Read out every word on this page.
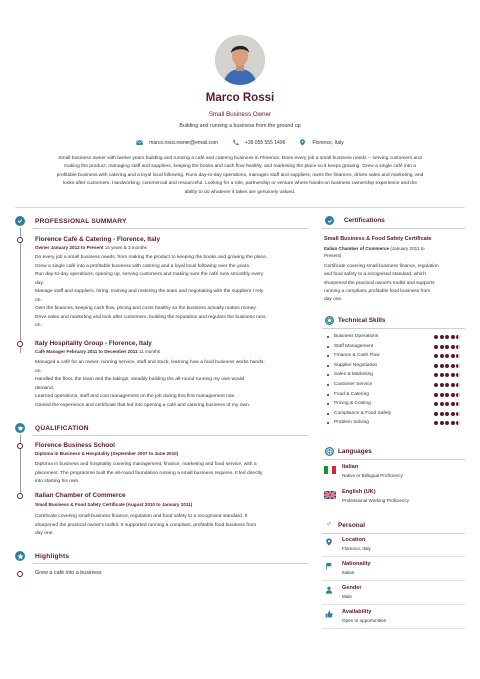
Marco Rossi
Small Business Owner
Building and running a business from the ground up
marco.rossi.owner@email.com	+39 055 555 1496	Florence, Italy
Small business owner with twelve years building and running a café and catering business in Florence. Does every job a small business needs -- serving customers and
making the product, managing staff and suppliers, keeping the books and cash flow healthy, and marketing the place so it keeps growing. Grew a single café into a
profitable business with catering and a loyal local following. Runs day-to-day operations, manages staff and suppliers, owns the finances, drives sales and marketing, and
looks after customers. Hardworking, commercial and resourceful. Looking for a role, partnership or venture where hands-on business ownership experience and the
ability to do whatever it takes are genuinely valued.
PROFESSIONAL SUMMARY
Florence Café & Catering - Florence, Italy
Owner January 2012 to Present 14 years & 3 months
Do every job a small business needs, from making the product to keeping the books and growing the place.
Grew a single café into a profitable business with catering and a loyal local following over the years.
Run day-to-day operations, opening up, serving customers and making sure the café runs smoothly every
day.
Manage staff and suppliers, hiring, training and rostering the team and negotiating with the suppliers I rely
on.
Own the finances, keeping cash flow, pricing and costs healthy so the business actually makes money.
Drive sales and marketing and look after customers, building the reputation and regulars the business runs
on.
Italy Hospitality Group - Florence, Italy
Café Manager February 2011 to December 2011 11 months
Managed a café for an owner, running service, staff and stock, learning how a food business works hands-
on.
Handled the floor, the team and the takings, steadily building the all-round running my own would
demand.
Learned operations, staff and cost management on the job during this first management role.
Gained the experience and certificate that led into opening a café and catering business of my own.
QUALIFICATION
Florence Business School
Diploma in Business & Hospitality (September 2007 to June 2010)
Diploma in business and hospitality covering management, finance, marketing and food service, with a
placement. The programme built the all-round foundation running a small business requires. It led directly
into starting his own.
Italian Chamber of Commerce
Small Business & Food Safety Certificate (August 2010 to January 2011)
Certificate covering small-business finance, regulation and food safety to a recognised standard. It
sharpened the practical owner's toolkit. It supported running a compliant, profitable food business from
day one.
Highlights
Grew a café into a business
Certifications
Small Business & Food Safety Certificate
Italian Chamber of Commerce (January 2011 to
Present)
Certificate covering small-business finance, regulation
and food safety to a recognised standard, which
sharpened the practical owner's toolkit and supports
running a compliant, profitable food business from
day one.
Technical Skills
Business Operations
Staff Management
Finance & Cash Flow
Supplier Negotiation
Sales & Marketing
Customer Service
Food & Catering
Pricing & Costing
Compliance & Food Safety
Problem Solving
Languages
Italian
Native or Bilingual Proficiency
English (UK)
Professional Working Proficiency
♂ Personal
Location
Florence, Italy
Nationality
Italian
Gender
Male
Availability
Open to opportunities
